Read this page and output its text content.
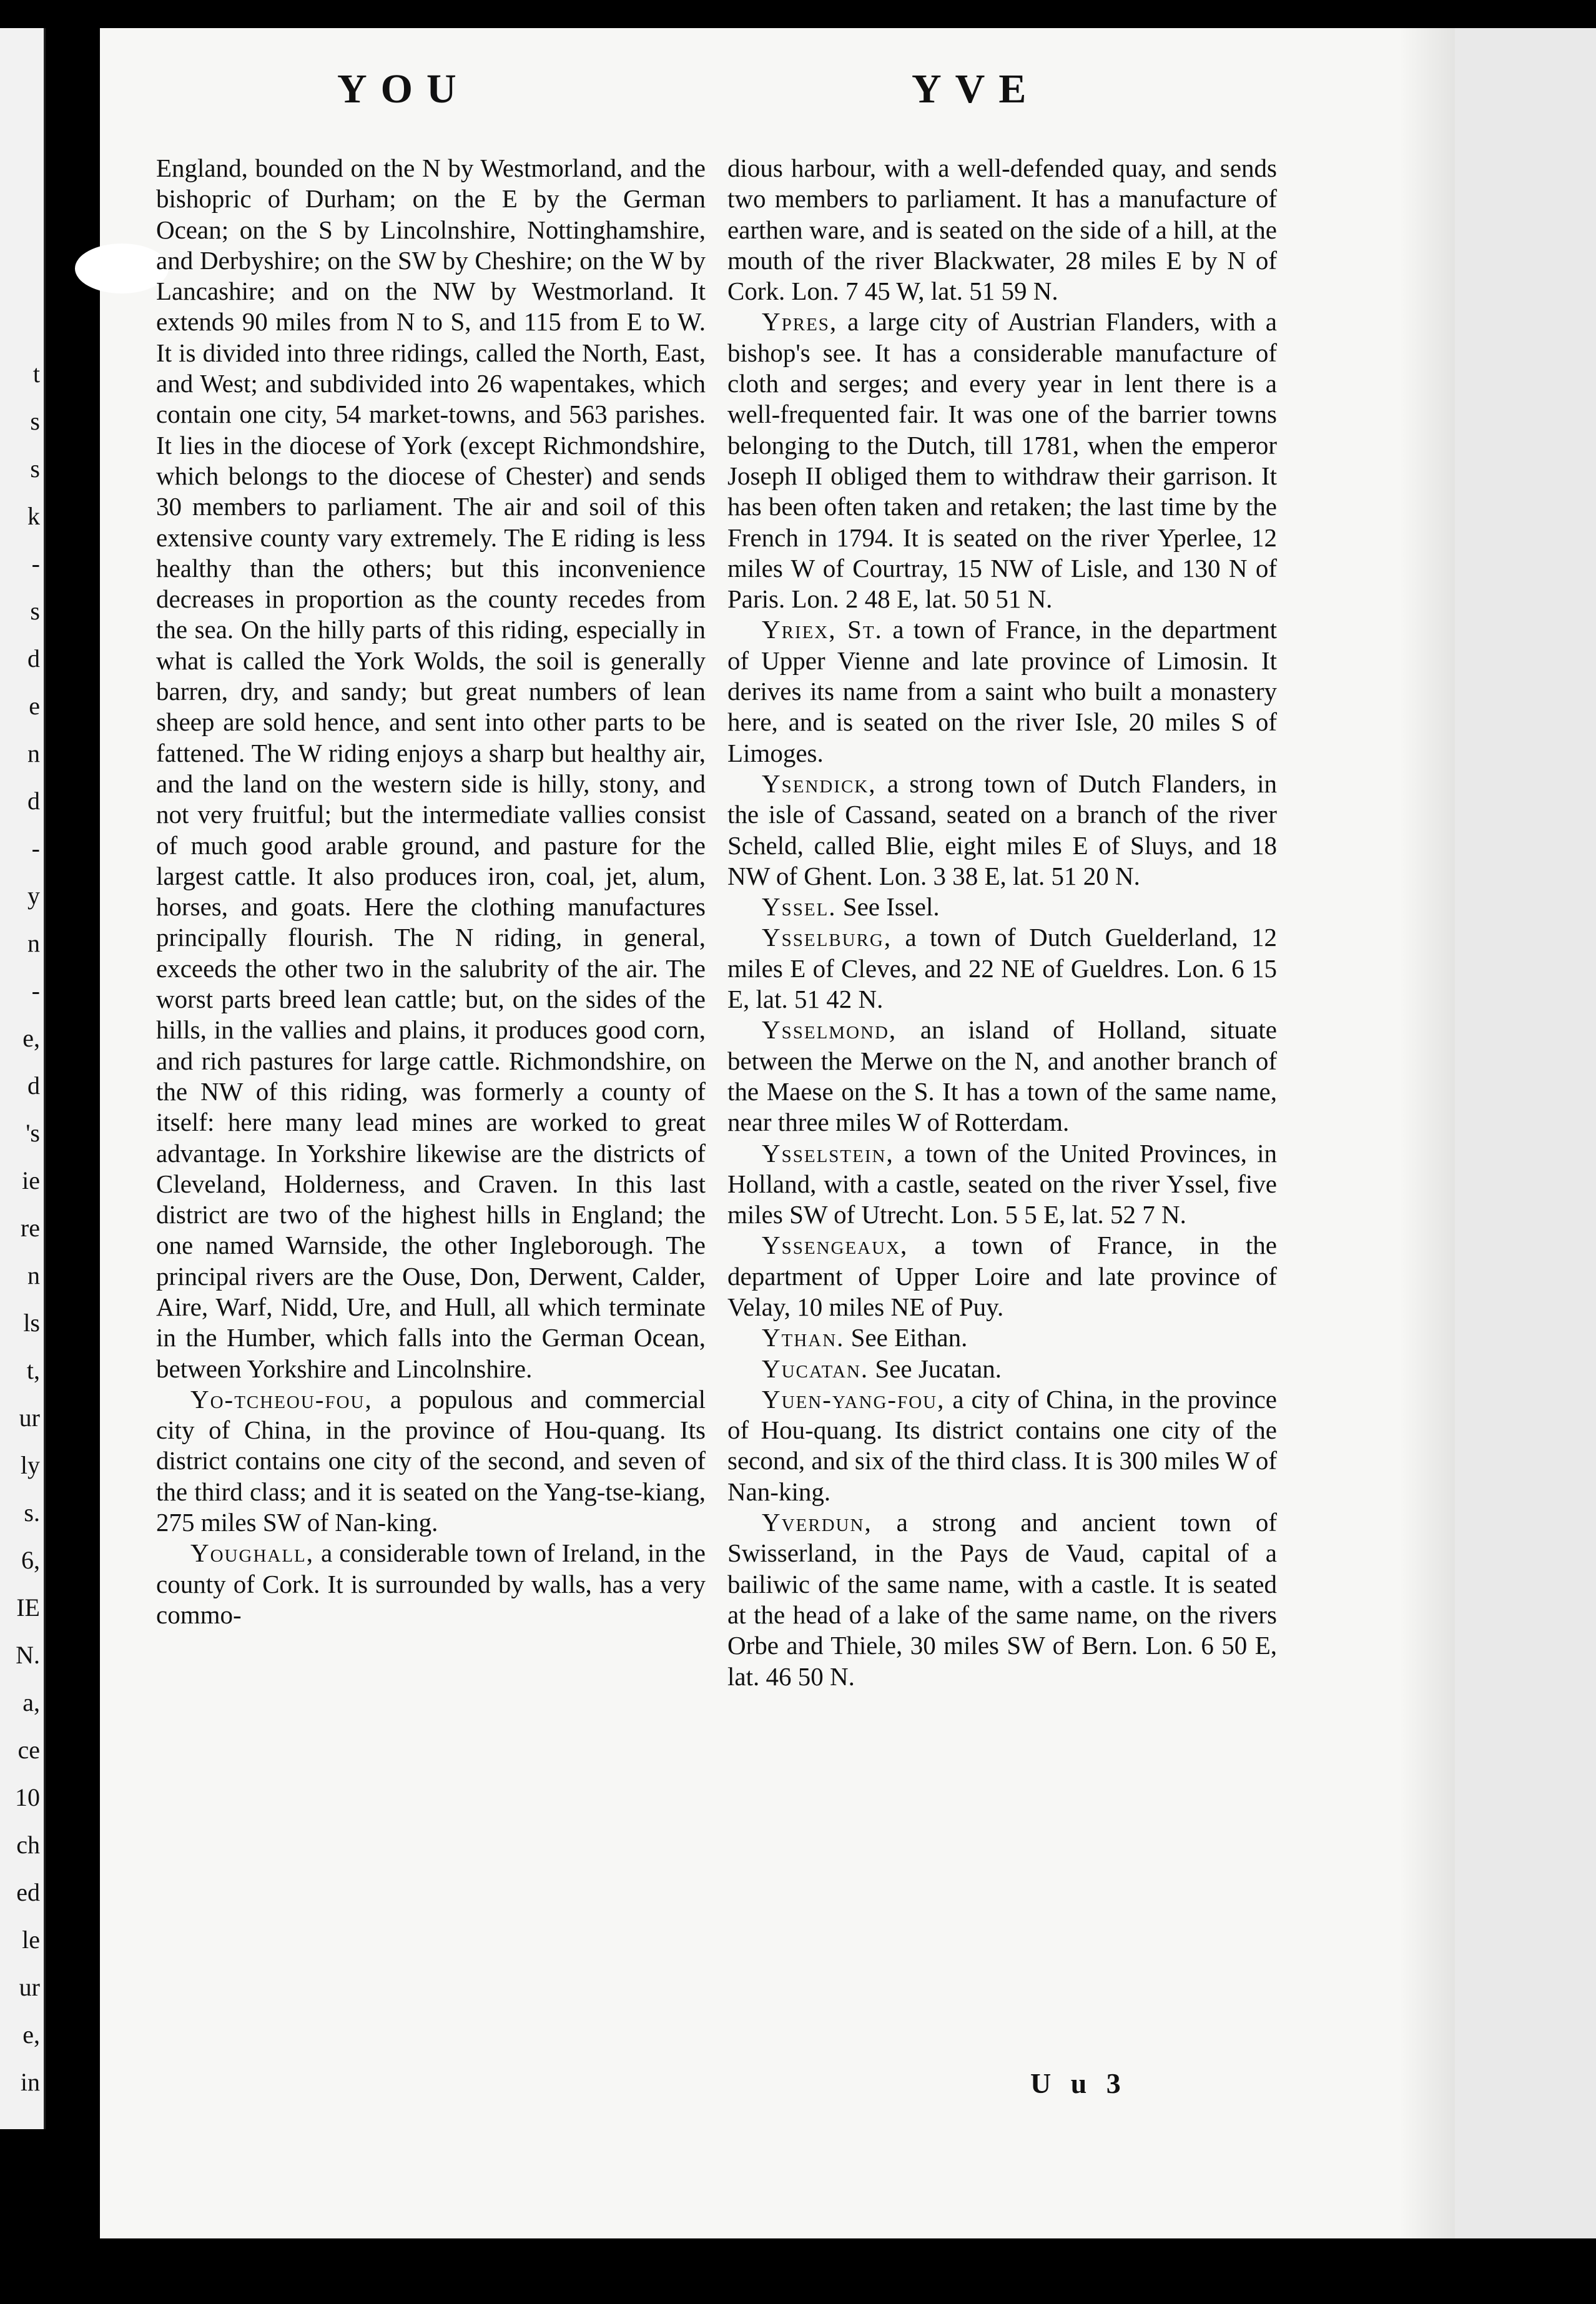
t
s
s
k
-
s
d
e
n
d
-
y
n
-
e,
d
's
ie
re
n
ls
t,
ur
ly
s.
6,
IE
N.
a,
ce
10
ch
ed
le
ur
e,
in
YOU	YVE

England, bounded on the N by Westmorland, and the bishopric of Durham; on the E by the German Ocean; on the S by Lincolnshire, Nottinghamshire, and Derbyshire; on the SW by Cheshire; on the W by Lancashire; and on the NW by Westmorland. It extends 90 miles from N to S, and 115 from E to W. It is divided into three ridings, called the North, East, and West; and subdivided into 26 wapentakes, which contain one city, 54 market-towns, and 563 parishes. It lies in the diocese of York (except Richmondshire, which belongs to the diocese of Chester) and sends 30 members to parliament. The air and soil of this extensive county vary extremely. The E riding is less healthy than the others; but this inconvenience decreases in proportion as the county recedes from the sea. On the hilly parts of this riding, especially in what is called the York Wolds, the soil is generally barren, dry, and sandy; but great numbers of lean sheep are sold hence, and sent into other parts to be fattened. The W riding enjoys a sharp but healthy air, and the land on the western side is hilly, stony, and not very fruitful; but the intermediate vallies consist of much good arable ground, and pasture for the largest cattle. It also produces iron, coal, jet, alum, horses, and goats. Here the clothing manufactures principally flourish. The N riding, in general, exceeds the other two in the salubrity of the air. The worst parts breed lean cattle; but, on the sides of the hills, in the vallies and plains, it produces good corn, and rich pastures for large cattle. Richmondshire, on the NW of this riding, was formerly a county of itself: here many lead mines are worked to great advantage. In Yorkshire likewise are the districts of Cleveland, Holderness, and Craven. In this last district are two of the highest hills in England; the one named Warnside, the other Ingleborough. The principal rivers are the Ouse, Don, Derwent, Calder, Aire, Warf, Nidd, Ure, and Hull, all which terminate in the Humber, which falls into the German Ocean, between Yorkshire and Lincolnshire.

Yo-tcheou-fou, a populous and commercial city of China, in the province of Hou-quang. Its district contains one city of the second, and seven of the third class; and it is seated on the Yang-tse-kiang, 275 miles SW of Nan-king.

Youghall, a considerable town of Ireland, in the county of Cork. It is surrounded by walls, has a very commo-

dious harbour, with a well-defended quay, and sends two members to parliament. It has a manufacture of earthen ware, and is seated on the side of a hill, at the mouth of the river Blackwater, 28 miles E by N of Cork. Lon. 7 45 W, lat. 51 59 N.

Ypres, a large city of Austrian Flanders, with a bishop's see. It has a considerable manufacture of cloth and serges; and every year in lent there is a well-frequented fair. It was one of the barrier towns belonging to the Dutch, till 1781, when the emperor Joseph II obliged them to withdraw their garrison. It has been often taken and retaken; the last time by the French in 1794. It is seated on the river Yperlee, 12 miles W of Courtray, 15 NW of Lisle, and 130 N of Paris. Lon. 2 48 E, lat. 50 51 N.

Yriex, St. a town of France, in the department of Upper Vienne and late province of Limosin. It derives its name from a saint who built a monastery here, and is seated on the river Isle, 20 miles S of Limoges.

Ysendick, a strong town of Dutch Flanders, in the isle of Cassand, seated on a branch of the river Scheld, called Blie, eight miles E of Sluys, and 18 NW of Ghent. Lon. 3 38 E, lat. 51 20 N.

Yssel. See Issel.

Ysselburg, a town of Dutch Guelderland, 12 miles E of Cleves, and 22 NE of Gueldres. Lon. 6 15 E, lat. 51 42 N.

Ysselmond, an island of Holland, situate between the Merwe on the N, and another branch of the Maese on the S. It has a town of the same name, near three miles W of Rotterdam.

Ysselstein, a town of the United Provinces, in Holland, with a castle, seated on the river Yssel, five miles SW of Utrecht. Lon. 5 5 E, lat. 52 7 N.

Yssengeaux, a town of France, in the department of Upper Loire and late province of Velay, 10 miles NE of Puy.

Ythan. See Eithan.

Yucatan. See Jucatan.

Yuen-yang-fou, a city of China, in the province of Hou-quang. Its district contains one city of the second, and six of the third class. It is 300 miles W of Nan-king.

Yverdun, a strong and ancient town of Swisserland, in the Pays de Vaud, capital of a bailiwic of the same name, with a castle. It is seated at the head of a lake of the same name, on the rivers Orbe and Thiele, 30 miles SW of Bern. Lon. 6 50 E, lat. 46 50 N.

U u 3
